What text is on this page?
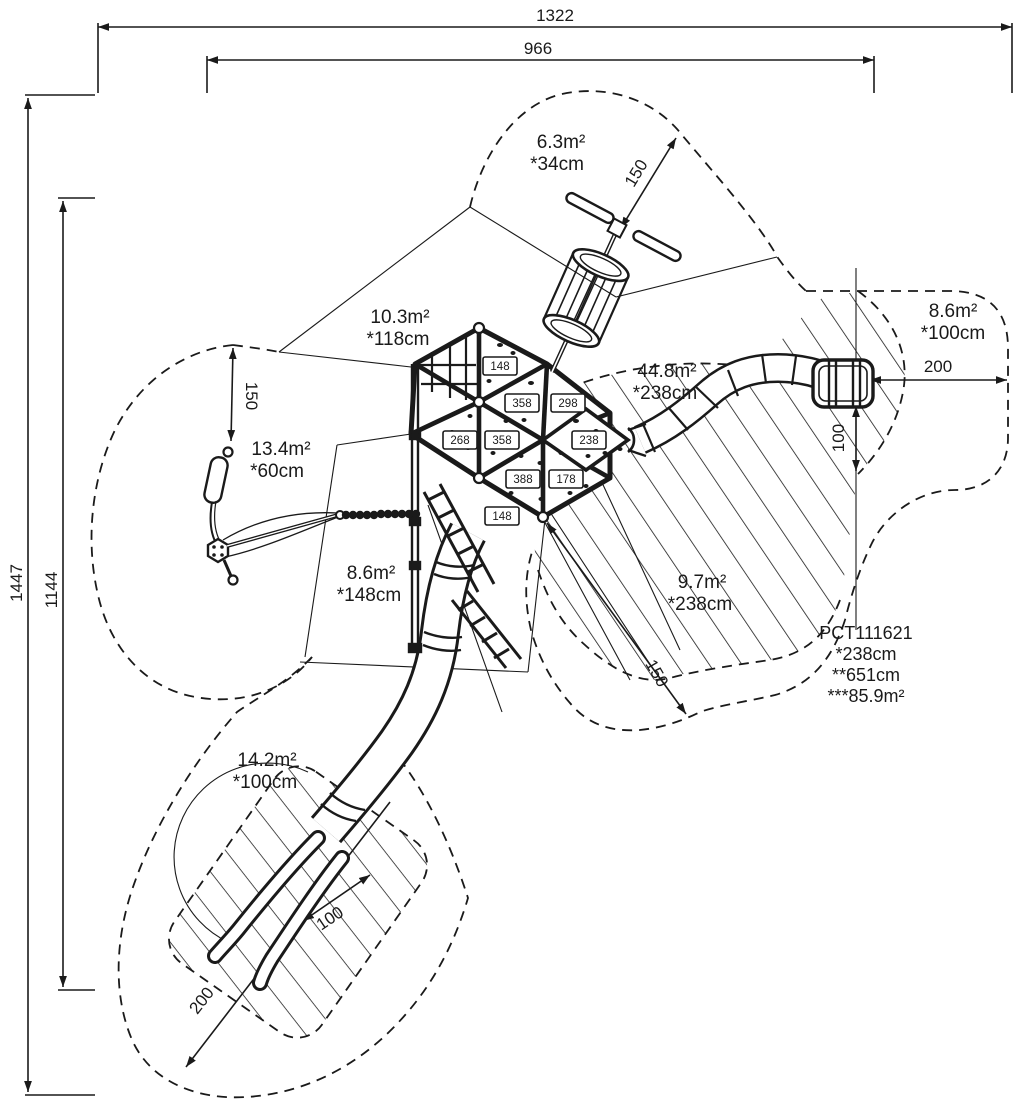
1322
966
1447 1144
150
150
200
100
100
200
150
6.3m²
*34cm
10.3m²
*118cm
8.6m²
*100cm
44.8m²
*238cm
13.4m²
*60cm
8.6m²
*148cm
9.7m²
*238cm
14.2m²
*100cm
PCT111621
*238cm
**651cm
***85.9m²
148
358 298
268 358	238
388 178
148
